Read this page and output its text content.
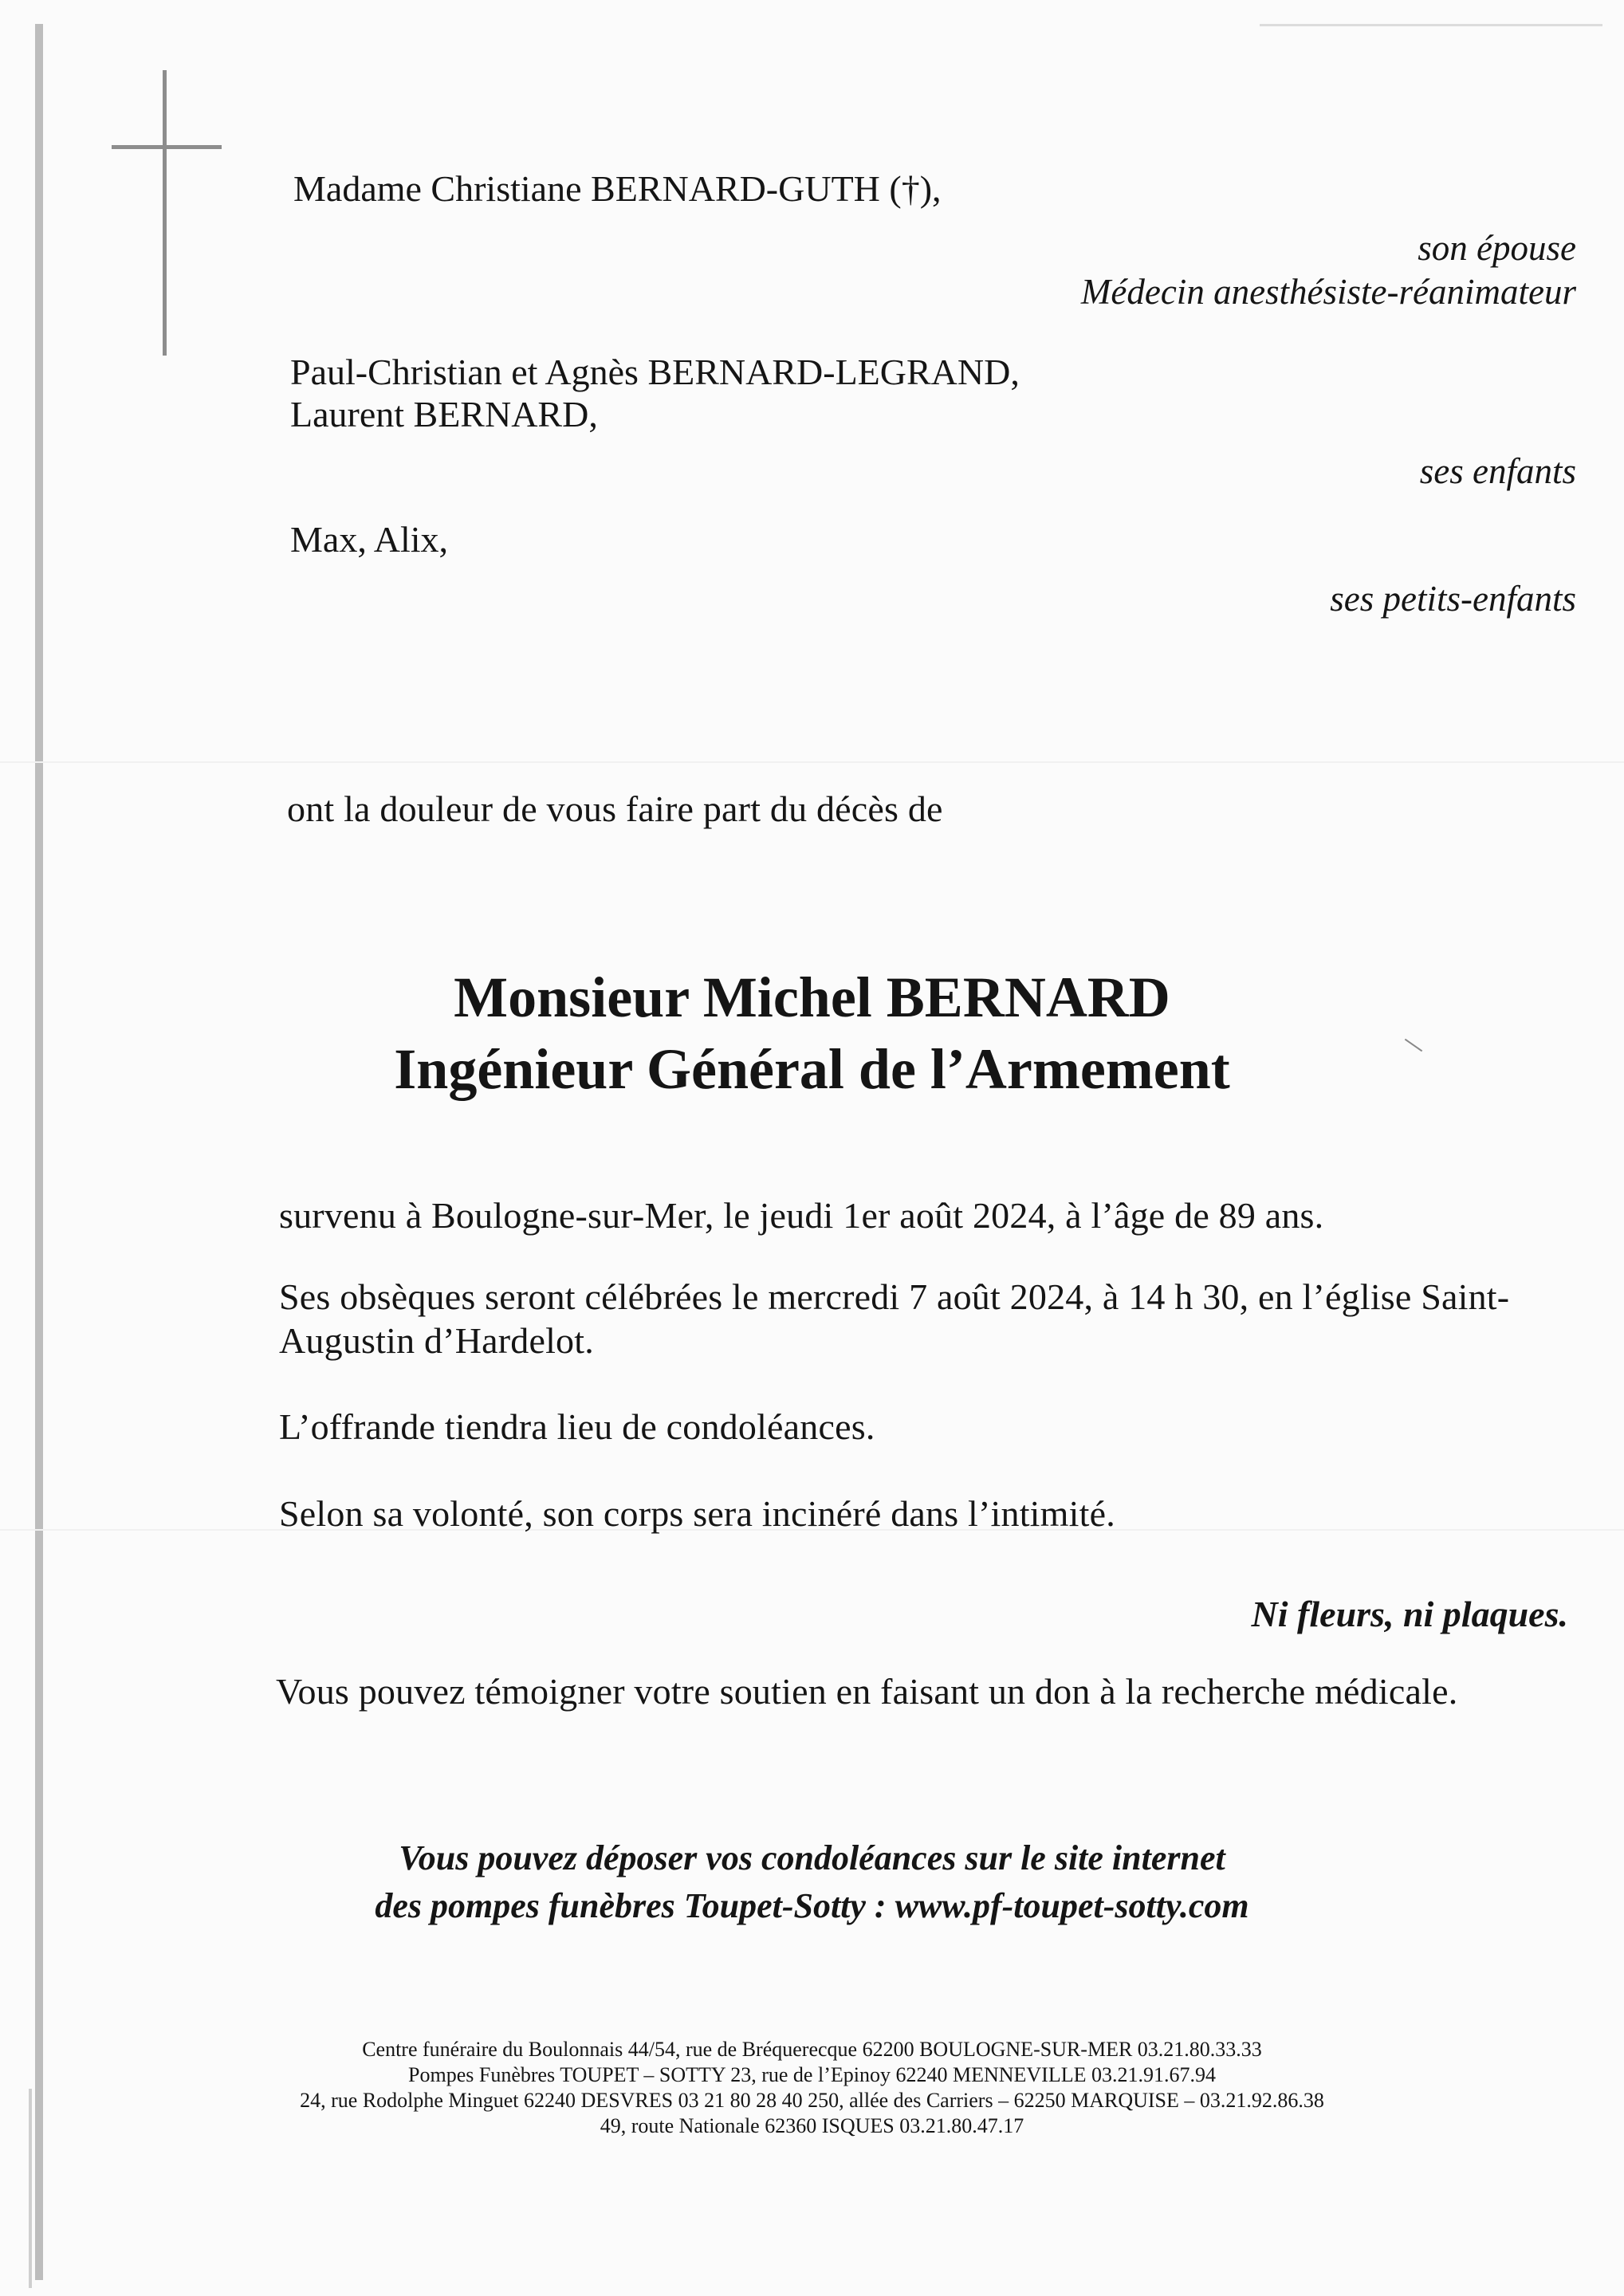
Madame Christiane BERNARD-GUTH (†),
son épouse
Médecin anesthésiste-réanimateur
Paul-Christian et Agnès BERNARD-LEGRAND,
Laurent BERNARD,
ses enfants
Max, Alix,
ses petits-enfants
ont la douleur de vous faire part du décès de
Monsieur Michel BERNARD
Ingénieur Général de l’Armement
survenu à Boulogne-sur-Mer, le jeudi 1er août 2024, à l’âge de 89 ans.
Ses obsèques seront célébrées le mercredi 7 août 2024, à 14 h 30, en l’église Saint-
Augustin d’Hardelot.
L’offrande tiendra lieu de condoléances.
Selon sa volonté, son corps sera incinéré dans l’intimité.
Ni fleurs, ni plaques.
Vous pouvez témoigner votre soutien en faisant un don à la recherche médicale.
Vous pouvez déposer vos condoléances sur le site internet
des pompes funèbres Toupet-Sotty : www.pf-toupet-sotty.com
Centre funéraire du Boulonnais 44/54, rue de Bréquerecque 62200 BOULOGNE-SUR-MER 03.21.80.33.33
Pompes Funèbres TOUPET – SOTTY 23, rue de l’Epinoy 62240 MENNEVILLE 03.21.91.67.94
24, rue Rodolphe Minguet 62240 DESVRES 03 21 80 28 40 250, allée des Carriers – 62250 MARQUISE – 03.21.92.86.38
49, route Nationale 62360 ISQUES 03.21.80.47.17
